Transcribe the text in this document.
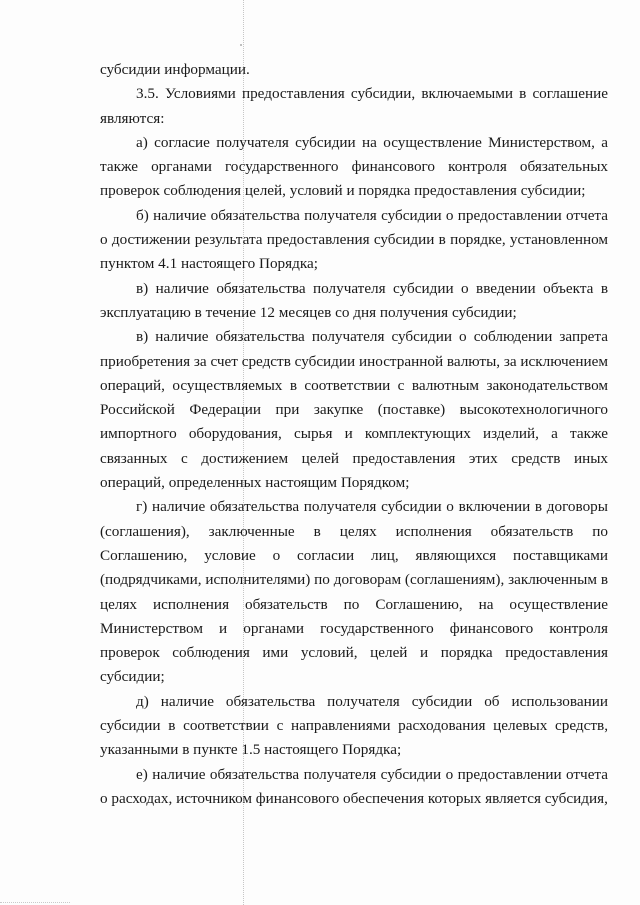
субсидии информации.

3.5. Условиями предоставления субсидии, включаемыми в соглашение являются:

а) согласие получателя субсидии на осуществление Министерством, а также органами государственного финансового контроля обязательных проверок соблюдения целей, условий и порядка предоставления субсидии;

б) наличие обязательства получателя субсидии о предоставлении отчета о достижении результата предоставления субсидии в порядке, установленном пунктом 4.1 настоящего Порядка;

в) наличие обязательства получателя субсидии о введении объекта в эксплуатацию в течение 12 месяцев со дня получения субсидии;

в) наличие обязательства получателя субсидии о соблюдении запрета приобретения за счет средств субсидии иностранной валюты, за исключением операций, осуществляемых в соответствии с валютным законодательством Российской Федерации при закупке (поставке) высокотехнологичного импортного оборудования, сырья и комплектующих изделий, а также связанных с достижением целей предоставления этих средств иных операций, определенных настоящим Порядком;

г) наличие обязательства получателя субсидии о включении в договоры (соглашения), заключенные в целях исполнения обязательств по Соглашению, условие о согласии лиц, являющихся поставщиками (подрядчиками, исполнителями) по договорам (соглашениям), заключенным в целях исполнения обязательств по Соглашению, на осуществление Министерством и органами государственного финансового контроля проверок соблюдения ими условий, целей и порядка предоставления субсидии;

д) наличие обязательства получателя субсидии об использовании субсидии в соответствии с направлениями расходования целевых средств, указанными в пункте 1.5 настоящего Порядка;

е) наличие обязательства получателя субсидии о предоставлении отчета о расходах, источником финансового обеспечения которых является субсидия,
